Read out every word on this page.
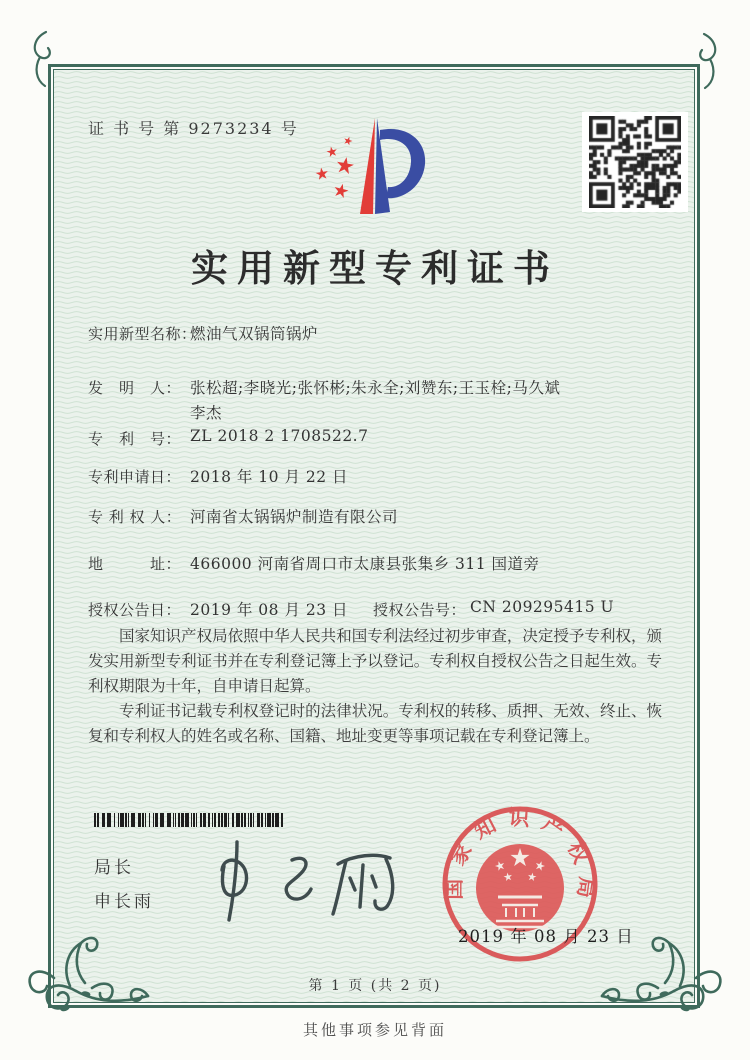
证 书 号 第 9273234 号
实用新型专利证书
实用新型名称：
燃油气双锅筒锅炉
发　明　人： 张松超;李晓光;张怀彬;朱永全;刘赞东;王玉栓;马久斌
李杰
专　利　号： ZL 2018 2 1708522.7
专利申请日： 2018 年 10 月 22 日
专 利 权 人： 河南省太锅锅炉制造有限公司
地　　　址： 466000 河南省周口市太康县张集乡 311 国道旁
授权公告日： 2019 年 08 月 23 日 授权公告号： CN 209295415 U

国家知识产权局依照中华人民共和国专利法经过初步审查，决定授予专利权，颁发实用新型专利证书并在专利登记簿上予以登记。专利权自授权公告之日起生效。专利权期限为十年，自申请日起算。

专利证书记载专利权登记时的法律状况。专利权的转移、质押、无效、终止、恢复和专利权人的姓名或名称、国籍、地址变更等事项记载在专利登记簿上。

局长
申长雨
国家知识产权局
2019 年 08 月 23 日
第 1 页 (共 2 页)
其他事项参见背面
